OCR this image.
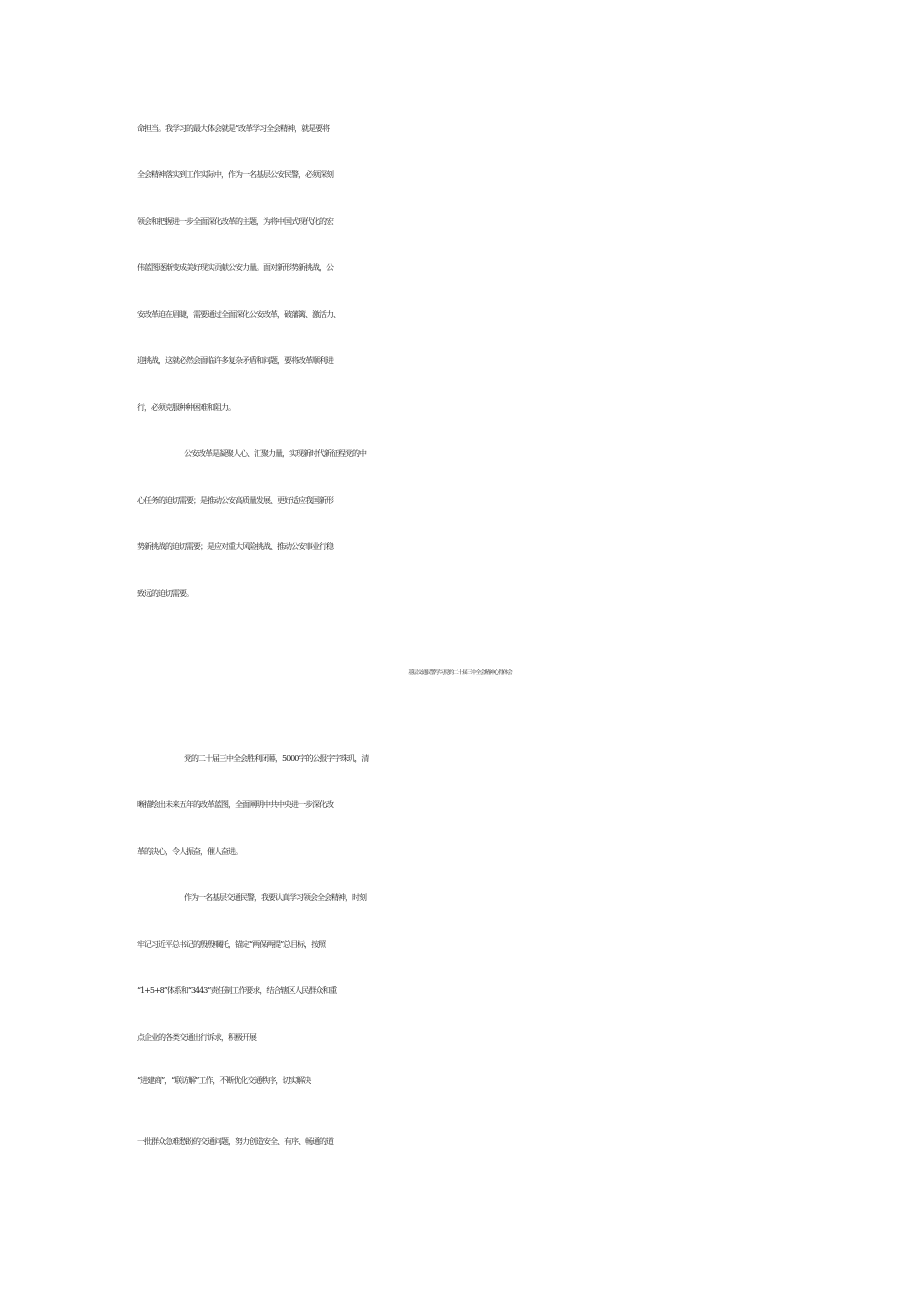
命担当。我学习的最大体会就是“改革学习全会精神，就是要将
全会精神落实到工作实际中，作为一名基层公安民警，必须深刻
领会和把握进一步全面深化改革的主题，为将中国式现代化的宏
伟蓝图逐渐变成美好现实贡献公安力量。面对新形势新挑战，公
安改革迫在眉睫，需要通过全面深化公安改革，破藩篱、激活力、
迎挑战，这就必然会面临许多复杂矛盾和问题，要将改革顺利进
行，必须克服种种困难和阻力。
公安改革是凝聚人心、汇聚力量，实现新时代新征程党的中
心任务的迫切需要；是推动公安高质量发展、更好适应我国新形
势新挑战的迫切需要；是应对重大风险挑战、推动公安事业行稳
致远的迫切需要。
基层交通民警学习党的二十届三中全会精神心得体会
党的二十届三中全会胜利闭幕，5000字的公报字字珠玑，清
晰描绘出未来五年的改革蓝图，全面阐明中共中央进一步深化改
革的决心，令人振奋，催人奋进。
作为一名基层交通民警，我要认真学习领会全会精神，时刻
牢记习近平总书记的殷殷嘱托，锚定“两保两提”总目标，按照
“1+5+8”体系和“3443”责任制工作要求，结合辖区人民群众和重
点企业的各类交通出行诉求，积极开展
“进建商”，“联访解”工作，不断优化交通秩序，切实解决
一批群众急难愁盼的交通问题，努力创造安全、有序、畅通的道
